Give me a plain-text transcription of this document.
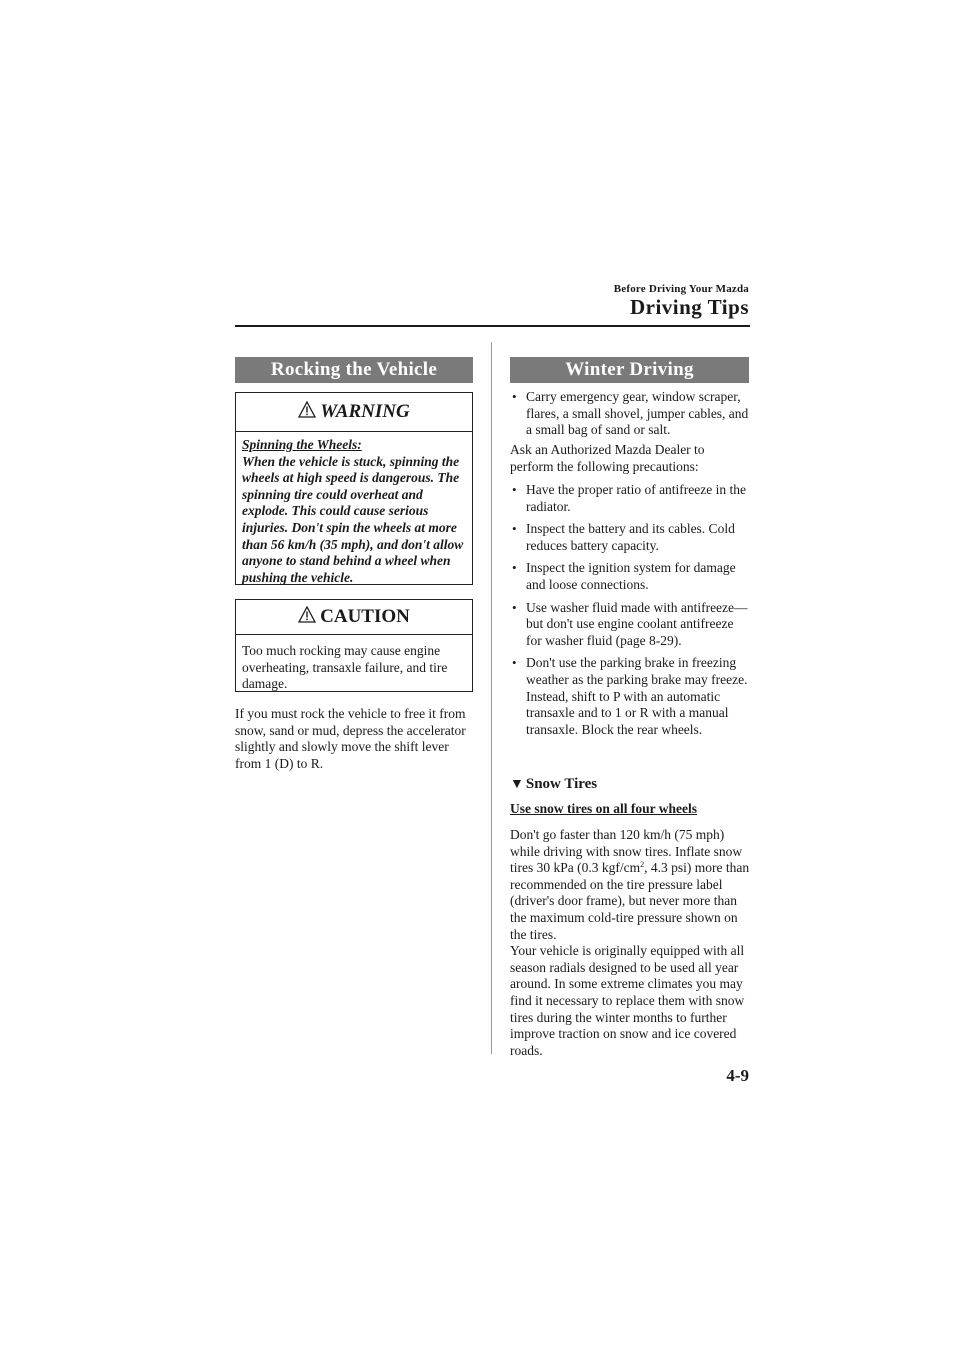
Before Driving Your Mazda
Driving Tips
Rocking the Vehicle
WARNING
Spinning the Wheels:
When the vehicle is stuck, spinning the wheels at high speed is dangerous. The spinning tire could overheat and explode. This could cause serious injuries. Don't spin the wheels at more than 56 km/h (35 mph), and don't allow anyone to stand behind a wheel when pushing the vehicle.
CAUTION
Too much rocking may cause engine overheating, transaxle failure, and tire damage.
If you must rock the vehicle to free it from snow, sand or mud, depress the accelerator slightly and slowly move the shift lever from 1 (D) to R.
Winter Driving
• Carry emergency gear, window scraper, flares, a small shovel, jumper cables, and a small bag of sand or salt.
Ask an Authorized Mazda Dealer to perform the following precautions:
• Have the proper ratio of antifreeze in the radiator.
• Inspect the battery and its cables. Cold reduces battery capacity.
• Inspect the ignition system for damage and loose connections.
• Use washer fluid made with antifreeze—but don't use engine coolant antifreeze for washer fluid (page 8-29).
• Don't use the parking brake in freezing weather as the parking brake may freeze. Instead, shift to P with an automatic transaxle and to 1 or R with a manual transaxle. Block the rear wheels.
▼ Snow Tires
Use snow tires on all four wheels
Don't go faster than 120 km/h (75 mph) while driving with snow tires. Inflate snow tires 30 kPa (0.3 kgf/$cm^2$, 4.3 psi) more than recommended on the tire pressure label (driver's door frame), but never more than the maximum cold-tire pressure shown on the tires.
Your vehicle is originally equipped with all season radials designed to be used all year around. In some extreme climates you may find it necessary to replace them with snow tires during the winter months to further improve traction on snow and ice covered roads.
4-9
